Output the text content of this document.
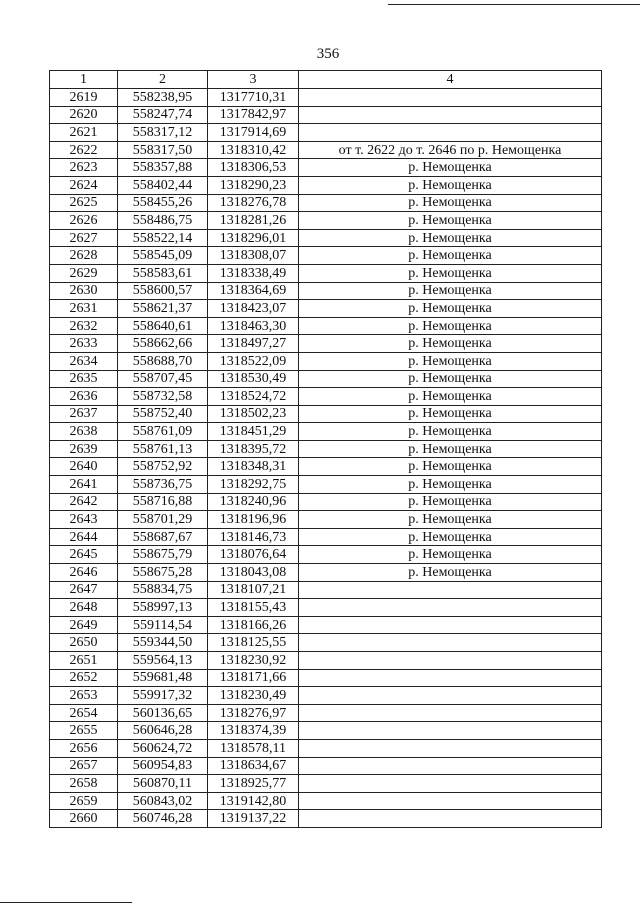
356
1	2	3	4
2619	558238,95	1317710,31	
2620	558247,74	1317842,97	
2621	558317,12	1317914,69	
2622	558317,50	1318310,42	от т. 2622 до т. 2646 по р. Немощенка
2623	558357,88	1318306,53	р. Немощенка
2624	558402,44	1318290,23	р. Немощенка
2625	558455,26	1318276,78	р. Немощенка
2626	558486,75	1318281,26	р. Немощенка
2627	558522,14	1318296,01	р. Немощенка
2628	558545,09	1318308,07	р. Немощенка
2629	558583,61	1318338,49	р. Немощенка
2630	558600,57	1318364,69	р. Немощенка
2631	558621,37	1318423,07	р. Немощенка
2632	558640,61	1318463,30	р. Немощенка
2633	558662,66	1318497,27	р. Немощенка
2634	558688,70	1318522,09	р. Немощенка
2635	558707,45	1318530,49	р. Немощенка
2636	558732,58	1318524,72	р. Немощенка
2637	558752,40	1318502,23	р. Немощенка
2638	558761,09	1318451,29	р. Немощенка
2639	558761,13	1318395,72	р. Немощенка
2640	558752,92	1318348,31	р. Немощенка
2641	558736,75	1318292,75	р. Немощенка
2642	558716,88	1318240,96	р. Немощенка
2643	558701,29	1318196,96	р. Немощенка
2644	558687,67	1318146,73	р. Немощенка
2645	558675,79	1318076,64	р. Немощенка
2646	558675,28	1318043,08	р. Немощенка
2647	558834,75	1318107,21	
2648	558997,13	1318155,43	
2649	559114,54	1318166,26	
2650	559344,50	1318125,55	
2651	559564,13	1318230,92	
2652	559681,48	1318171,66	
2653	559917,32	1318230,49	
2654	560136,65	1318276,97	
2655	560646,28	1318374,39	
2656	560624,72	1318578,11	
2657	560954,83	1318634,67	
2658	560870,11	1318925,77	
2659	560843,02	1319142,80	
2660	560746,28	1319137,22	
